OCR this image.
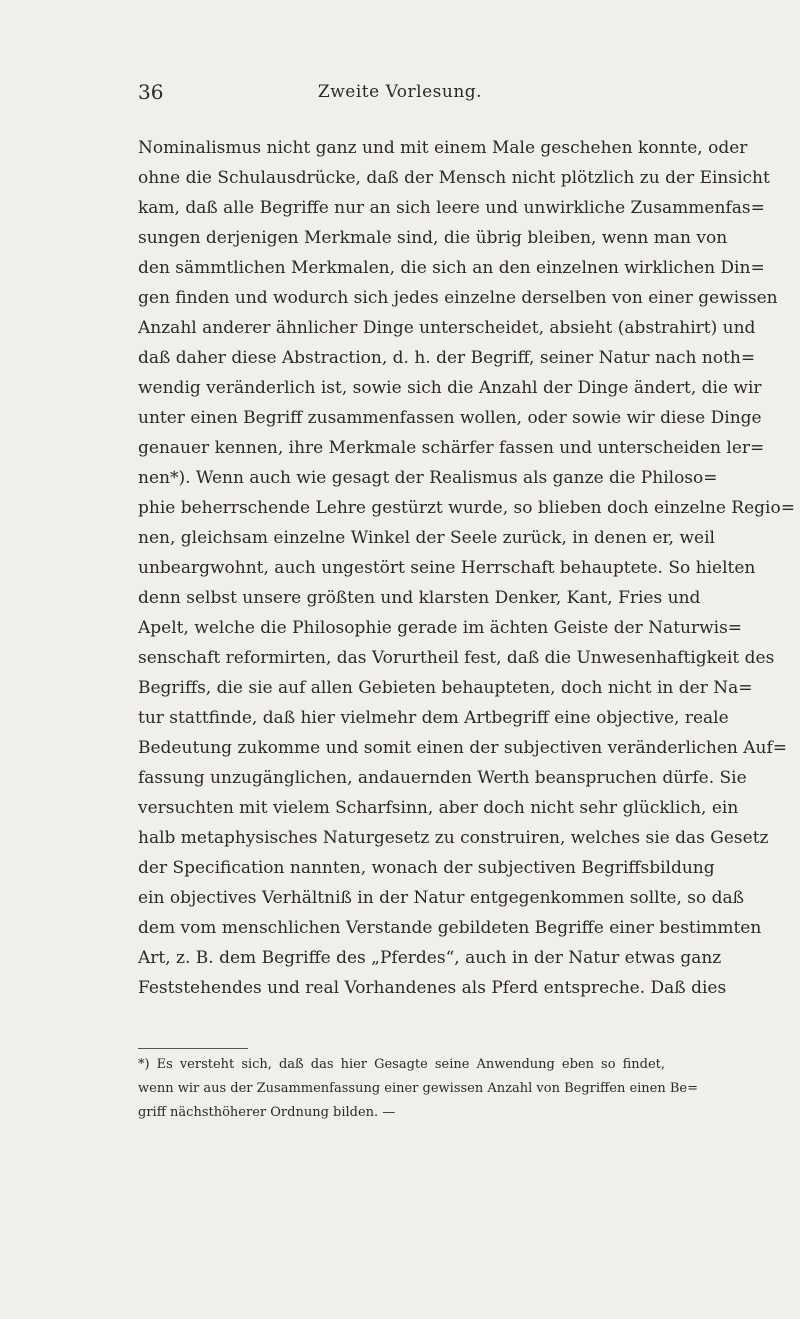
36	Zweite Vorlesung.
Nominalismus nicht ganz und mit einem Male geschehen konnte, oder
ohne die Schulausdrücke, daß der Mensch nicht plötzlich zu der Einsicht
kam, daß alle Begriffe nur an sich leere und unwirkliche Zusammenfas=
sungen derjenigen Merkmale sind, die übrig bleiben, wenn man von
den sämmtlichen Merkmalen, die sich an den einzelnen wirklichen Din=
gen finden und wodurch sich jedes einzelne derselben von einer gewissen
Anzahl anderer ähnlicher Dinge unterscheidet, absieht (abstrahirt) und
daß daher diese Abstraction, d. h. der Begriff, seiner Natur nach noth=
wendig veränderlich ist, sowie sich die Anzahl der Dinge ändert, die wir
unter einen Begriff zusammenfassen wollen, oder sowie wir diese Dinge
genauer kennen, ihre Merkmale schärfer fassen und unterscheiden ler=
nen*). Wenn auch wie gesagt der Realismus als ganze die Philoso=
phie beherrschende Lehre gestürzt wurde, so blieben doch einzelne Regio=
nen, gleichsam einzelne Winkel der Seele zurück, in denen er, weil
unbeargwohnt, auch ungestört seine Herrschaft behauptete. So hielten
denn selbst unsere größten und klarsten Denker, Kant, Fries und
Apelt, welche die Philosophie gerade im ächten Geiste der Naturwis=
senschaft reformirten, das Vorurtheil fest, daß die Unwesenhaftigkeit des
Begriffs, die sie auf allen Gebieten behaupteten, doch nicht in der Na=
tur stattfinde, daß hier vielmehr dem Artbegriff eine objective, reale
Bedeutung zukomme und somit einen der subjectiven veränderlichen Auf=
fassung unzugänglichen, andauernden Werth beanspruchen dürfe. Sie
versuchten mit vielem Scharfsinn, aber doch nicht sehr glücklich, ein
halb metaphysisches Naturgesetz zu construiren, welches sie das Gesetz
der Specification nannten, wonach der subjectiven Begriffsbildung
ein objectives Verhältniß in der Natur entgegenkommen sollte, so daß
dem vom menschlichen Verstande gebildeten Begriffe einer bestimmten
Art, z. B. dem Begriffe des „Pferdes“, auch in der Natur etwas ganz
Feststehendes und real Vorhandenes als Pferd entspreche. Daß dies
*) Es versteht sich, daß das hier Gesagte seine Anwendung eben so findet,
wenn wir aus der Zusammenfassung einer gewissen Anzahl von Begriffen einen Be=
griff nächsthöherer Ordnung bilden. —
